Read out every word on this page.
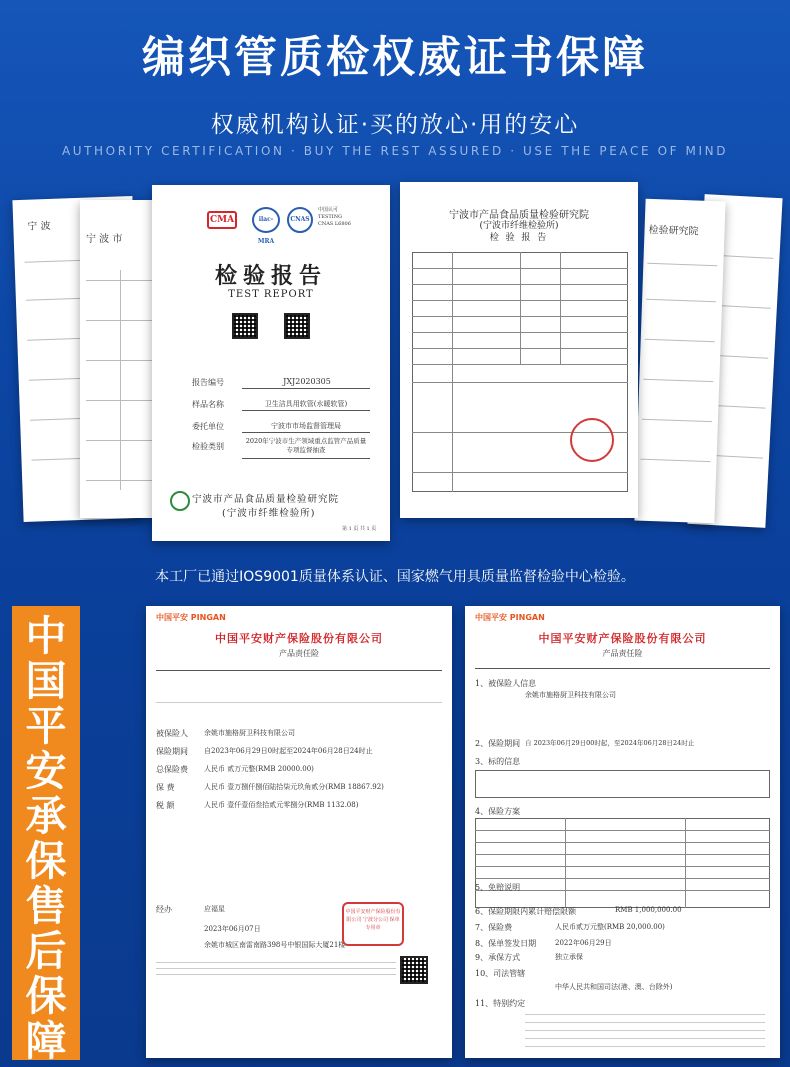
编织管质检权威证书保障
权威机构认证·买的放心·用的安心
AUTHORITY CERTIFICATION · BUY THE REST ASSURED · USE THE PEACE OF MIND
宁 波
宁 波 市
CMA	ilac-MRA
CNAS
中国认可 TESTING CNAS L6806
检验报告
TEST REPORT
报告编号	JXJ2020305
样品名称	卫生洁具用软管(水暖软管)
委托单位	宁波市市场监督管理局
检验类别
2020年宁波市生产领域重点监管产品质量专项监督抽查
宁波市产品食品质量检验研究院
(宁波市纤维检验所)
第 1 页 共 1 页
检验研究院
宁波市产品食品质量检验研究院
(宁波市纤维检验所)
检 验 报 告
本工厂已通过IOS9001质量体系认证、国家燃气用具质量监督检验中心检验。
中
国
平
安
承
保
售
后
保
障
中国平安 PINGAN
中国平安财产保险股份有限公司
产品责任险
被保险人 余姚市施格厨卫科技有限公司
保险期间 自2023年06月29日0时起至2024年06月28日24时止
总保险费 人民币 贰万元整(RMB 20000.00)
保 费	人民币 壹万捌仟捌佰陆拾柒元玖角贰分(RMB 18867.92)
税 额	人民币 壹仟壹佰叁拾贰元零捌分(RMB 1132.08)
经办	应福星
2023年06月07日
余姚市城区南雷南路398号中银国际大厦21楼
中国平安财产保险股份有限公司 宁波分公司 保单专用章
中国平安 PINGAN
中国平安财产保险股份有限公司
产品责任险
1、被保险人信息
余姚市施格厨卫科技有限公司
2、保险期间 自 2023年06月29日00时起，至2024年06月28日24时止
3、标的信息
4、保险方案
5、免赔说明
6、保险期限内累计赔偿限额	RMB 1,000,000.00
7、保险费	人民币贰万元整(RMB 20,000.00)
8、保单签发日期	2022年06月29日
9、承保方式	独立承保
10、司法管辖
中华人民共和国司法(港、澳、台除外)
11、特别约定
